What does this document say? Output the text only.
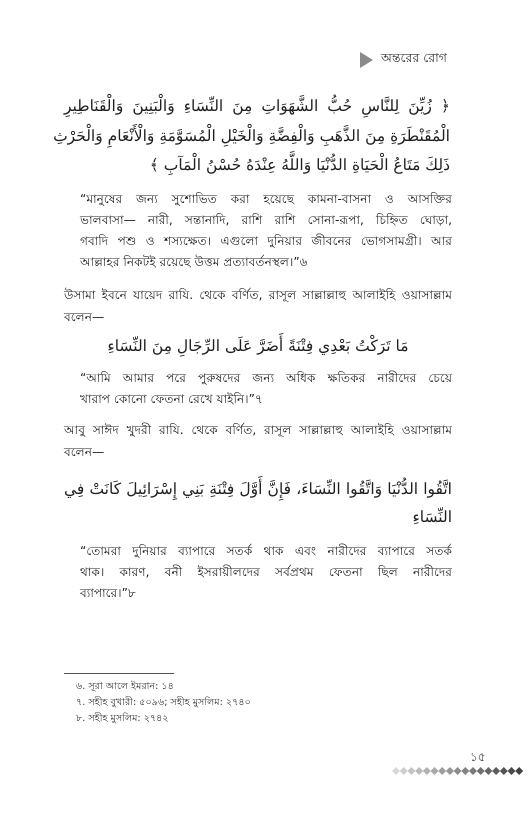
অন্তরের রোগ
﴿ زُيِّنَ لِلنَّاسِ حُبُّ الشَّهَوَاتِ مِنَ النِّسَاءِ وَالْبَنِينَ وَالْقَنَاطِيرِ
الْمُقَنْطَرَةِ مِنَ الذَّهَبِ وَالْفِضَّةِ وَالْخَيْلِ الْمُسَوَّمَةِ وَالْأَنْعَامِ وَالْحَرْثِ
ذَلِكَ مَتَاعُ الْحَيَاةِ الدُّنْيَا وَاللَّهُ عِنْدَهُ حُسْنُ الْمَآبِ ﴾
“মানুষের জন্য সুশোভিত করা হয়েছে কামনা-বাসনা ও আসক্তির
ভালবাসা— নারী, সন্তানাদি, রাশি রাশি সোনা-রূপা, চিহ্নিত ঘোড়া,
গবাদি পশু ও শস্যক্ষেত। এগুলো দুনিয়ার জীবনের ভোগসামগ্রী। আর
আল্লাহর নিকটই রয়েছে উত্তম প্রত্যাবর্তনস্থল।”৬
উসামা ইবনে যায়েদ রাযি. থেকে বর্ণিত, রাসূল সাল্লাল্লাহু আলাইহি ওয়াসাল্লাম
বলেন—
مَا تَرَكْتُ بَعْدِي فِتْنَةً أَضَرَّ عَلَى الرِّجَالِ مِنَ النِّسَاءِ
“আমি আমার পরে পুরুষদের জন্য অধিক ক্ষতিকর নারীদের চেয়ে
খারাপ কোনো ফেতনা রেখে যাইনি।”৭
আবু সাঈদ খুদরী রাযি. থেকে বর্ণিত, রাসূল সাল্লাল্লাহু আলাইহি ওয়াসাল্লাম
বলেন—
اتَّقُوا الدُّنْيَا وَاتَّقُوا النِّسَاءَ، فَإِنَّ أَوَّلَ فِتْنَةِ بَنِي إِسْرَائِيلَ كَانَتْ فِي
النِّسَاءِ
“তোমরা দুনিয়ার ব্যাপারে সতর্ক থাক এবং নারীদের ব্যাপারে সতর্ক
থাক। কারণ, বনী ইসরায়ীলদের সর্বপ্রথম ফেতনা ছিল নারীদের
ব্যাপারে।”৮
৬. সূরা আলে ইমরান: ১৪
৭. সহীহ বুখারী: ৫০৯৬; সহীহ মুসলিম: ২৭৪০
৮. সহীহ মুসলিম: ২৭৪২
১৫
